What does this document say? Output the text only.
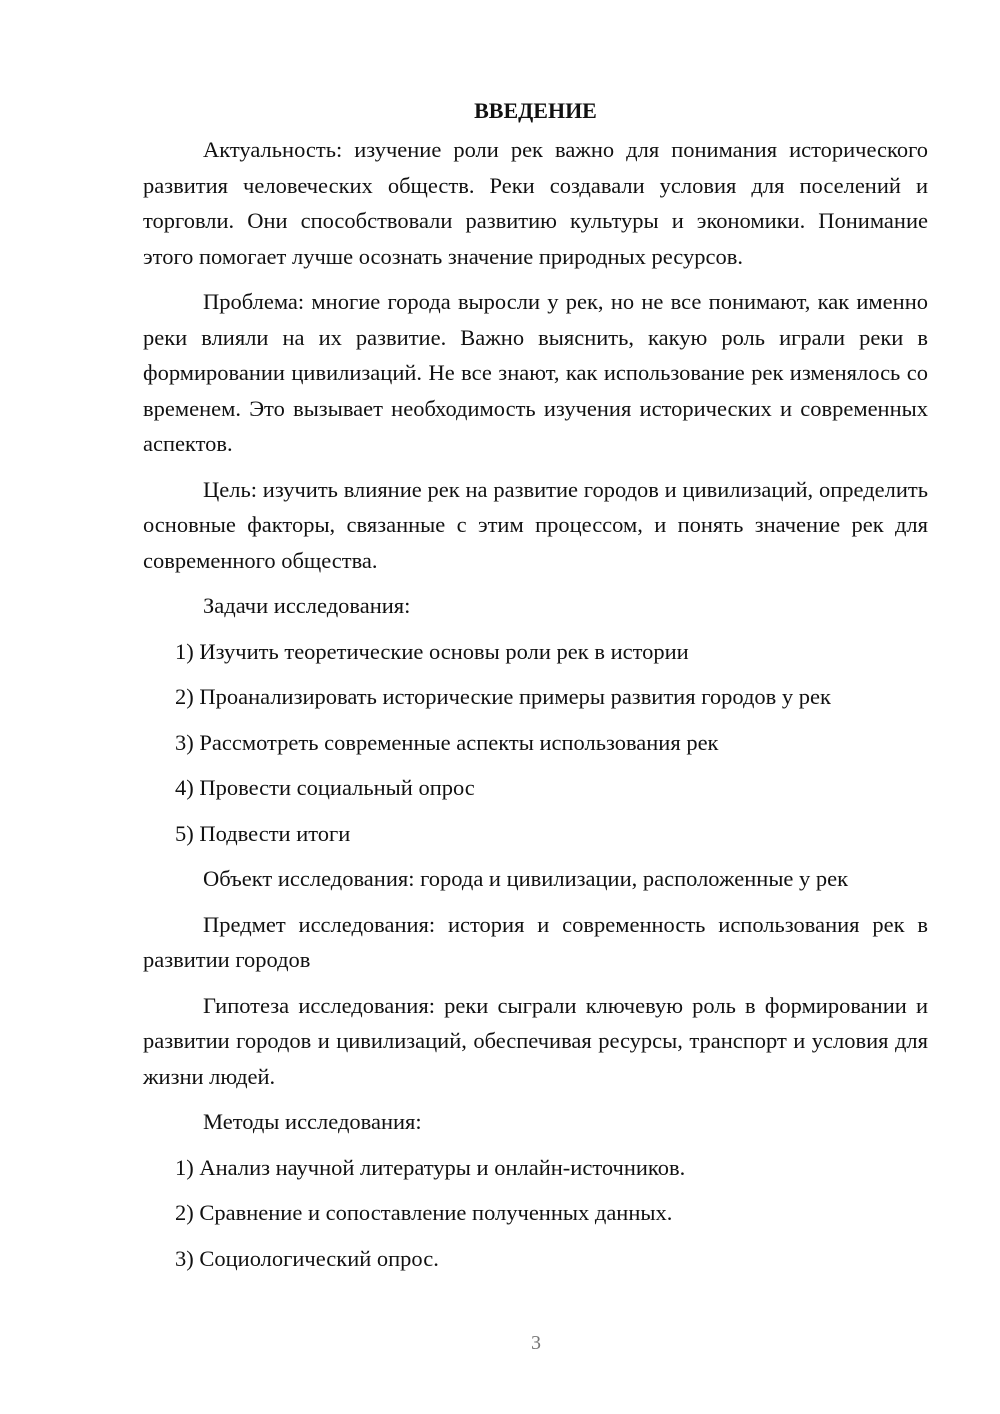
ВВЕДЕНИЕ

Актуальность: изучение роли рек важно для понимания исторического развития человеческих обществ. Реки создавали условия для поселений и торговли. Они способствовали развитию культуры и экономики. Понимание этого помогает лучше осознать значение природных ресурсов.

Проблема: многие города выросли у рек, но не все понимают, как именно реки влияли на их развитие. Важно выяснить, какую роль играли реки в формировании цивилизаций. Не все знают, как использование рек изменялось со временем. Это вызывает необходимость изучения исторических и современных аспектов.

Цель: изучить влияние рек на развитие городов и цивилизаций, определить основные факторы, связанные с этим процессом, и понять значение рек для современного общества.

Задачи исследования:

1) Изучить теоретические основы роли рек в истории
2) Проанализировать исторические примеры развития городов у рек
3) Рассмотреть современные аспекты использования рек
4) Провести социальный опрос
5) Подвести итоги

Объект исследования: города и цивилизации, расположенные у рек

Предмет исследования: история и современность использования рек в развитии городов

Гипотеза исследования: реки сыграли ключевую роль в формировании и развитии городов и цивилизаций, обеспечивая ресурсы, транспорт и условия для жизни людей.

Методы исследования:

1) Анализ научной литературы и онлайн-источников.
2) Сравнение и сопоставление полученных данных.
3) Социологический опрос.
3
